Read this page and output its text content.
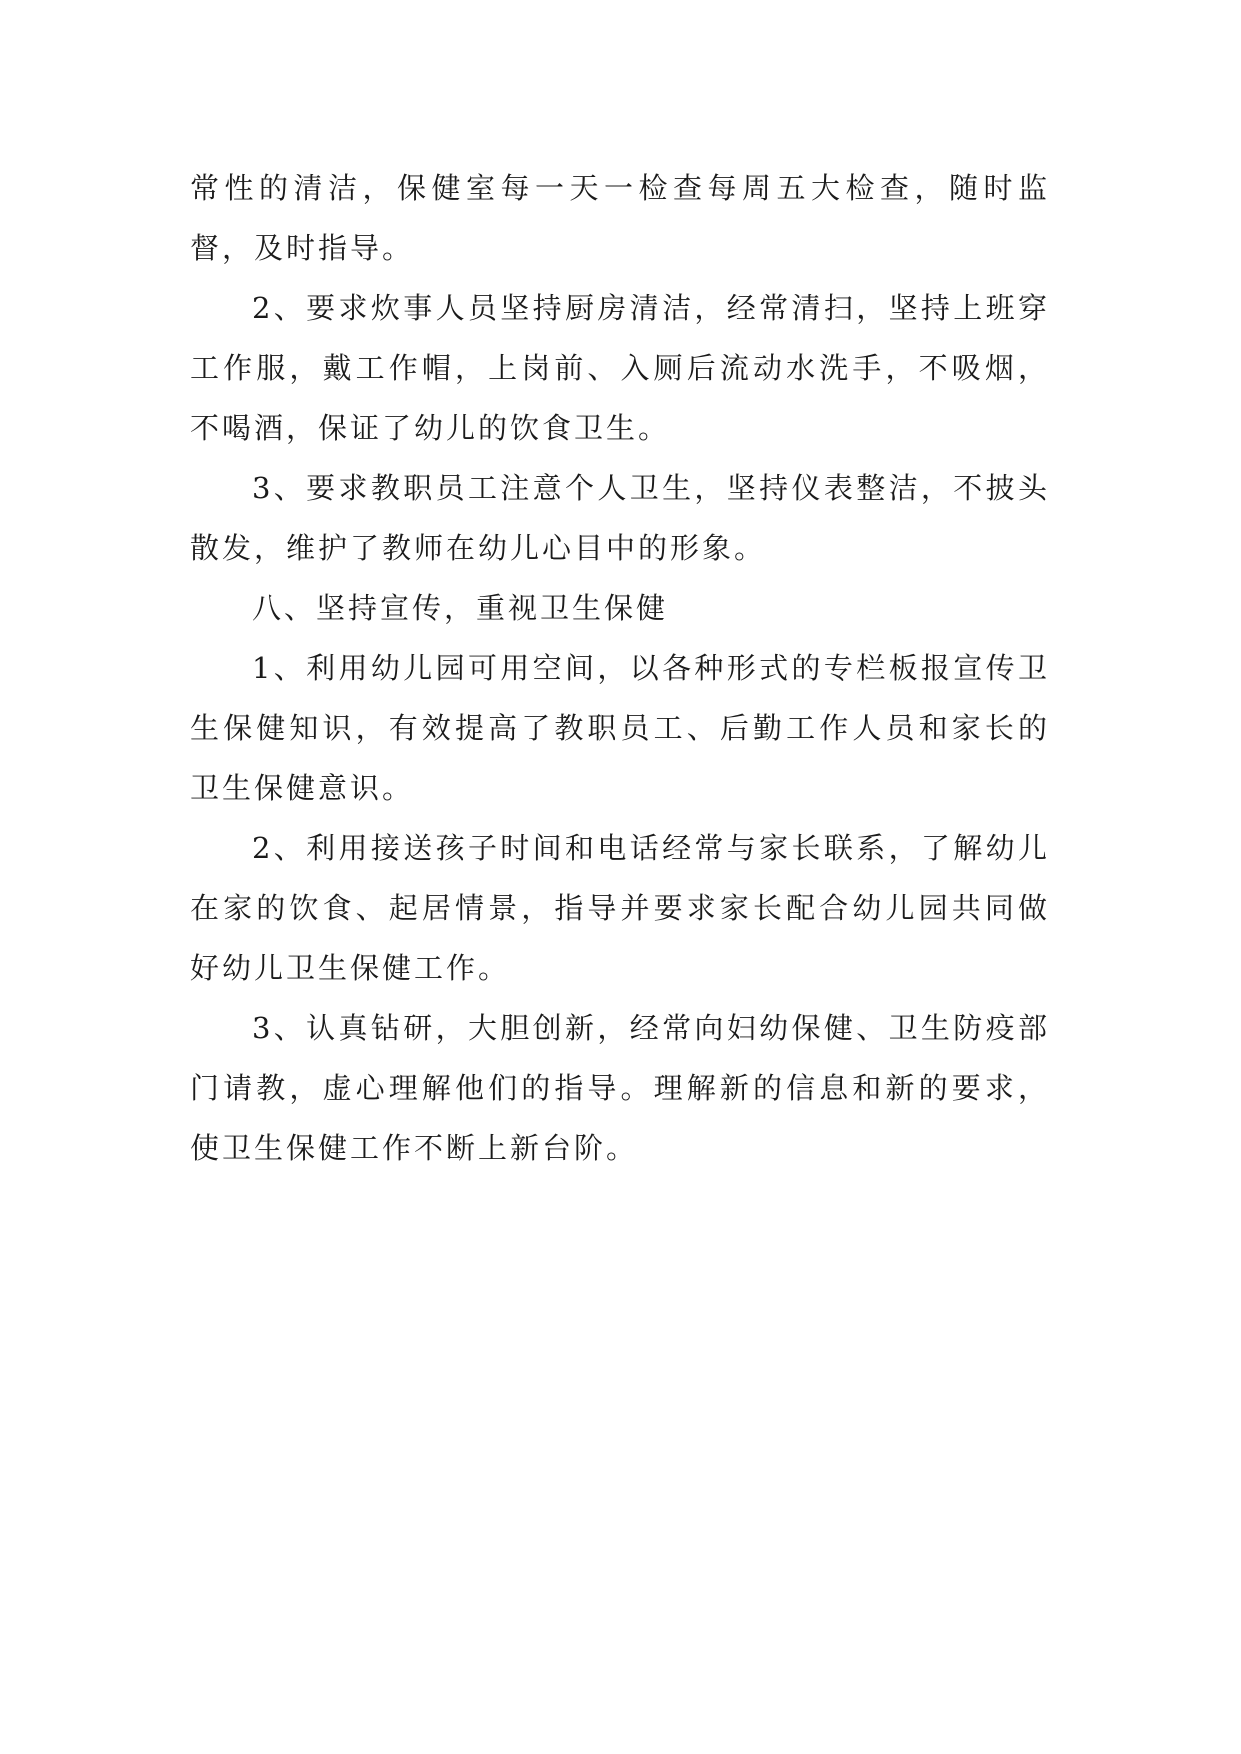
常性的清洁，保健室每一天一检查每周五大检查，随时监督，及时指导。

2、要求炊事人员坚持厨房清洁，经常清扫，坚持上班穿工作服，戴工作帽，上岗前、入厕后流动水洗手，不吸烟，不喝酒，保证了幼儿的饮食卫生。

3、要求教职员工注意个人卫生，坚持仪表整洁，不披头散发，维护了教师在幼儿心目中的形象。

八、坚持宣传，重视卫生保健

1、利用幼儿园可用空间，以各种形式的专栏板报宣传卫生保健知识，有效提高了教职员工、后勤工作人员和家长的卫生保健意识。

2、利用接送孩子时间和电话经常与家长联系，了解幼儿在家的饮食、起居情景，指导并要求家长配合幼儿园共同做好幼儿卫生保健工作。

3、认真钻研，大胆创新，经常向妇幼保健、卫生防疫部门请教，虚心理解他们的指导。理解新的信息和新的要求，使卫生保健工作不断上新台阶。
